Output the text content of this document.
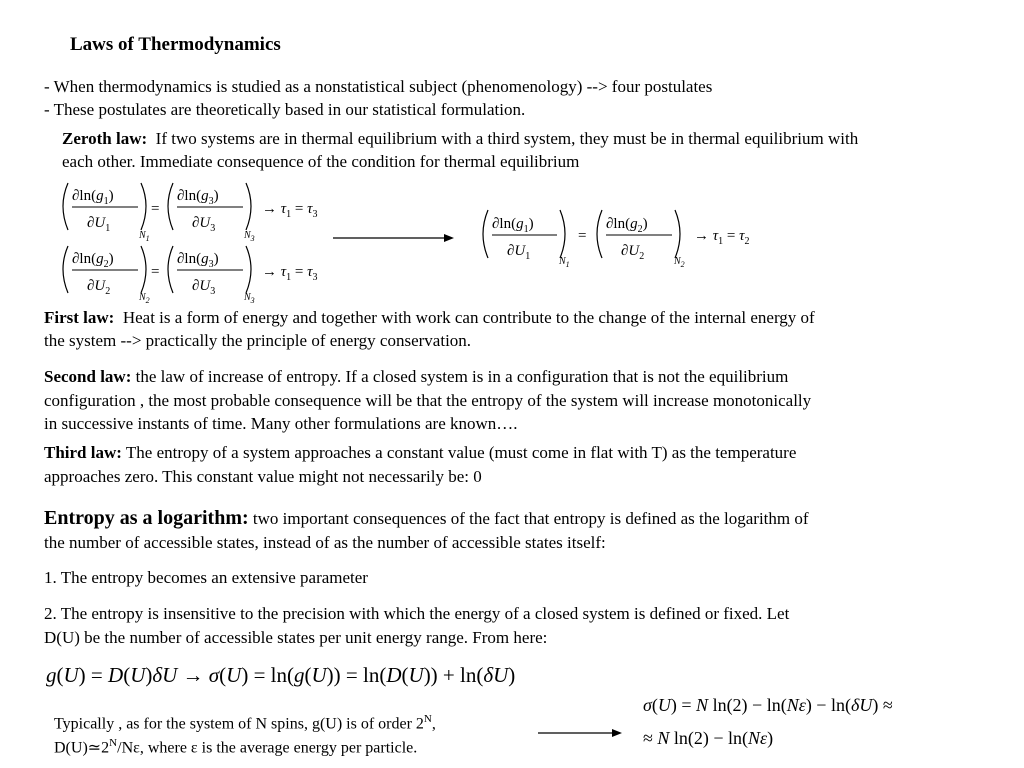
Laws of Thermodynamics
- When thermodynamics is studied as a nonstatistical subject (phenomenology) --> four postulates
- These postulates are theoretically based in our statistical formulation.
Zeroth law: If two systems are in thermal equilibrium with a third system, they must be in thermal equilibrium with
each other. Immediate consequence of the condition for thermal equilibrium
$\partial\ln(g_1)$
$\partial U_1$
$N_1$
=
$\partial\ln(g_3)$
$\partial U_3$
$N_3$
→ $\tau_1 = \tau_3$
$\partial\ln(g_2)$
$\partial U_2$
$N_2$
=
$\partial\ln(g_3)$
$\partial U_3$
$N_3$
→ $\tau_1 = \tau_3$
$\partial\ln(g_1)$
$\partial U_1$	$N_1$
=
$\partial\ln(g_2)$
$\partial U_2$	$N_2$
→ $\tau_1 = \tau_2$
g(U) = D(U)δU → σ(U) = ln(g(U)) = ln(D(U)) + ln(δU)
σ(U) = N ln(2) − ln(Nε) − ln(δU) ≈
≈ N ln(2) − ln(Nε)
First law: Heat is a form of energy and together with work can contribute to the change of the internal energy of
the system --> practically the principle of energy conservation.
Second law: the law of increase of entropy. If a closed system is in a configuration that is not the equilibrium
configuration , the most probable consequence will be that the entropy of the system will increase monotonically
in successive instants of time. Many other formulations are known….
Third law: The entropy of a system approaches a constant value (must come in flat with T) as the temperature
approaches zero. This constant value might not necessarily be: 0
Entropy as a logarithm: two important consequences of the fact that entropy is defined as the logarithm of
the number of accessible states, instead of as the number of accessible states itself:
1. The entropy becomes an extensive parameter
2. The entropy is insensitive to the precision with which the energy of a closed system is defined or fixed. Let
D(U) be the number of accessible states per unit energy range. From here:
Typically , as for the system of N spins, g(U) is of order $2^N$,
$D(U)≃2^N/N\varepsilon$, where ε is the average energy per particle.
